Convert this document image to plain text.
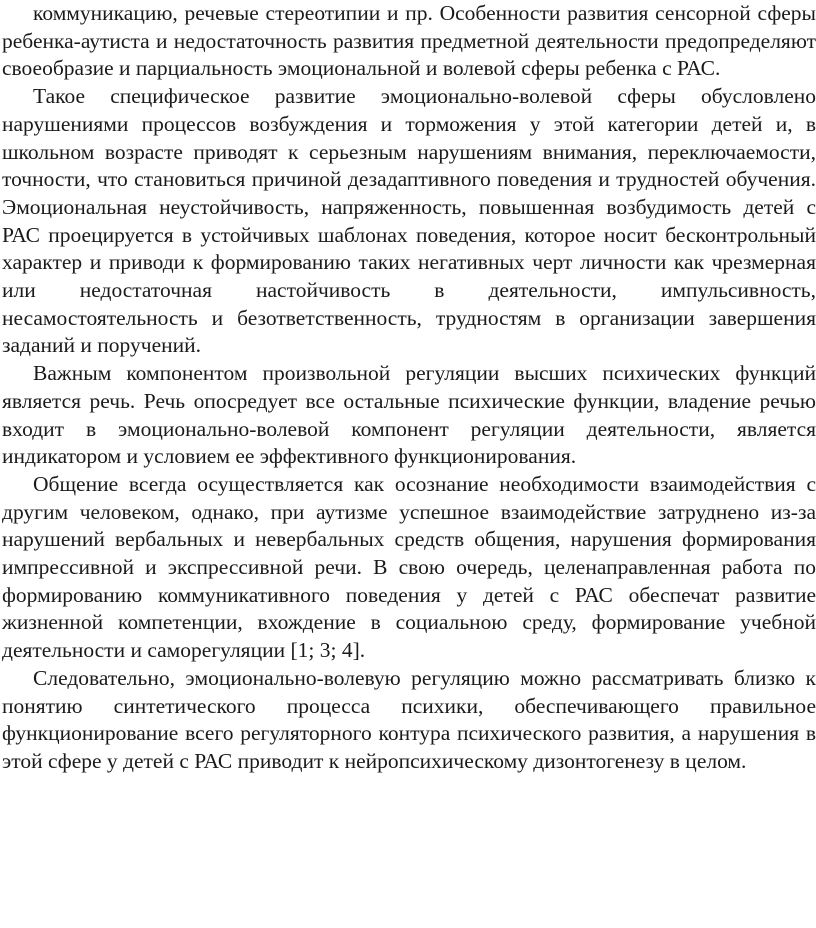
коммуникацию, речевые стереотипии и пр. Особенности развития сенсорной сферы ребенка-аутиста и недостаточность развития предметной деятельности предопределяют своеобразие и парциальность эмоциональной и волевой сферы ребенка с РАС.

Такое специфическое развитие эмоционально-волевой сферы обусловлено нарушениями процессов возбуждения и торможения у этой категории детей и, в школьном возрасте приводят к серьезным нарушениям внимания, переключаемости, точности, что становиться причиной дезадаптивного поведения и трудностей обучения. Эмоциональная неустойчивость, напряженность, повышенная возбудимость детей с РАС проецируется в устойчивых шаблонах поведения, которое носит бесконтрольный характер и приводи к формированию таких негативных черт личности как чрезмерная или недостаточная настойчивость в деятельности, импульсивность, несамостоятельность и безответственность, трудностям в организации завершения заданий и поручений.

Важным компонентом произвольной регуляции высших психических функций является речь. Речь опосредует все остальные психические функции, владение речью входит в эмоционально-волевой компонент регуляции деятельности, является индикатором и условием ее эффективного функционирования.

Общение всегда осуществляется как осознание необходимости взаимодействия с другим человеком, однако, при аутизме успешное взаимодействие затруднено из-за нарушений вербальных и невербальных средств общения, нарушения формирования импрессивной и экспрессивной речи. В свою очередь, целенаправленная работа по формированию коммуникативного поведения у детей с РАС обеспечат развитие жизненной компетенции, вхождение в социальною среду, формирование учебной деятельности и саморегуляции [1; 3; 4].

Следовательно, эмоционально-волевую регуляцию можно рассматривать близко к понятию синтетического процесса психики, обеспечивающего правильное функционирование всего регуляторного контура психического развития, а нарушения в этой сфере у детей с РАС приводит к нейропсихическому дизонтогенезу в целом.
